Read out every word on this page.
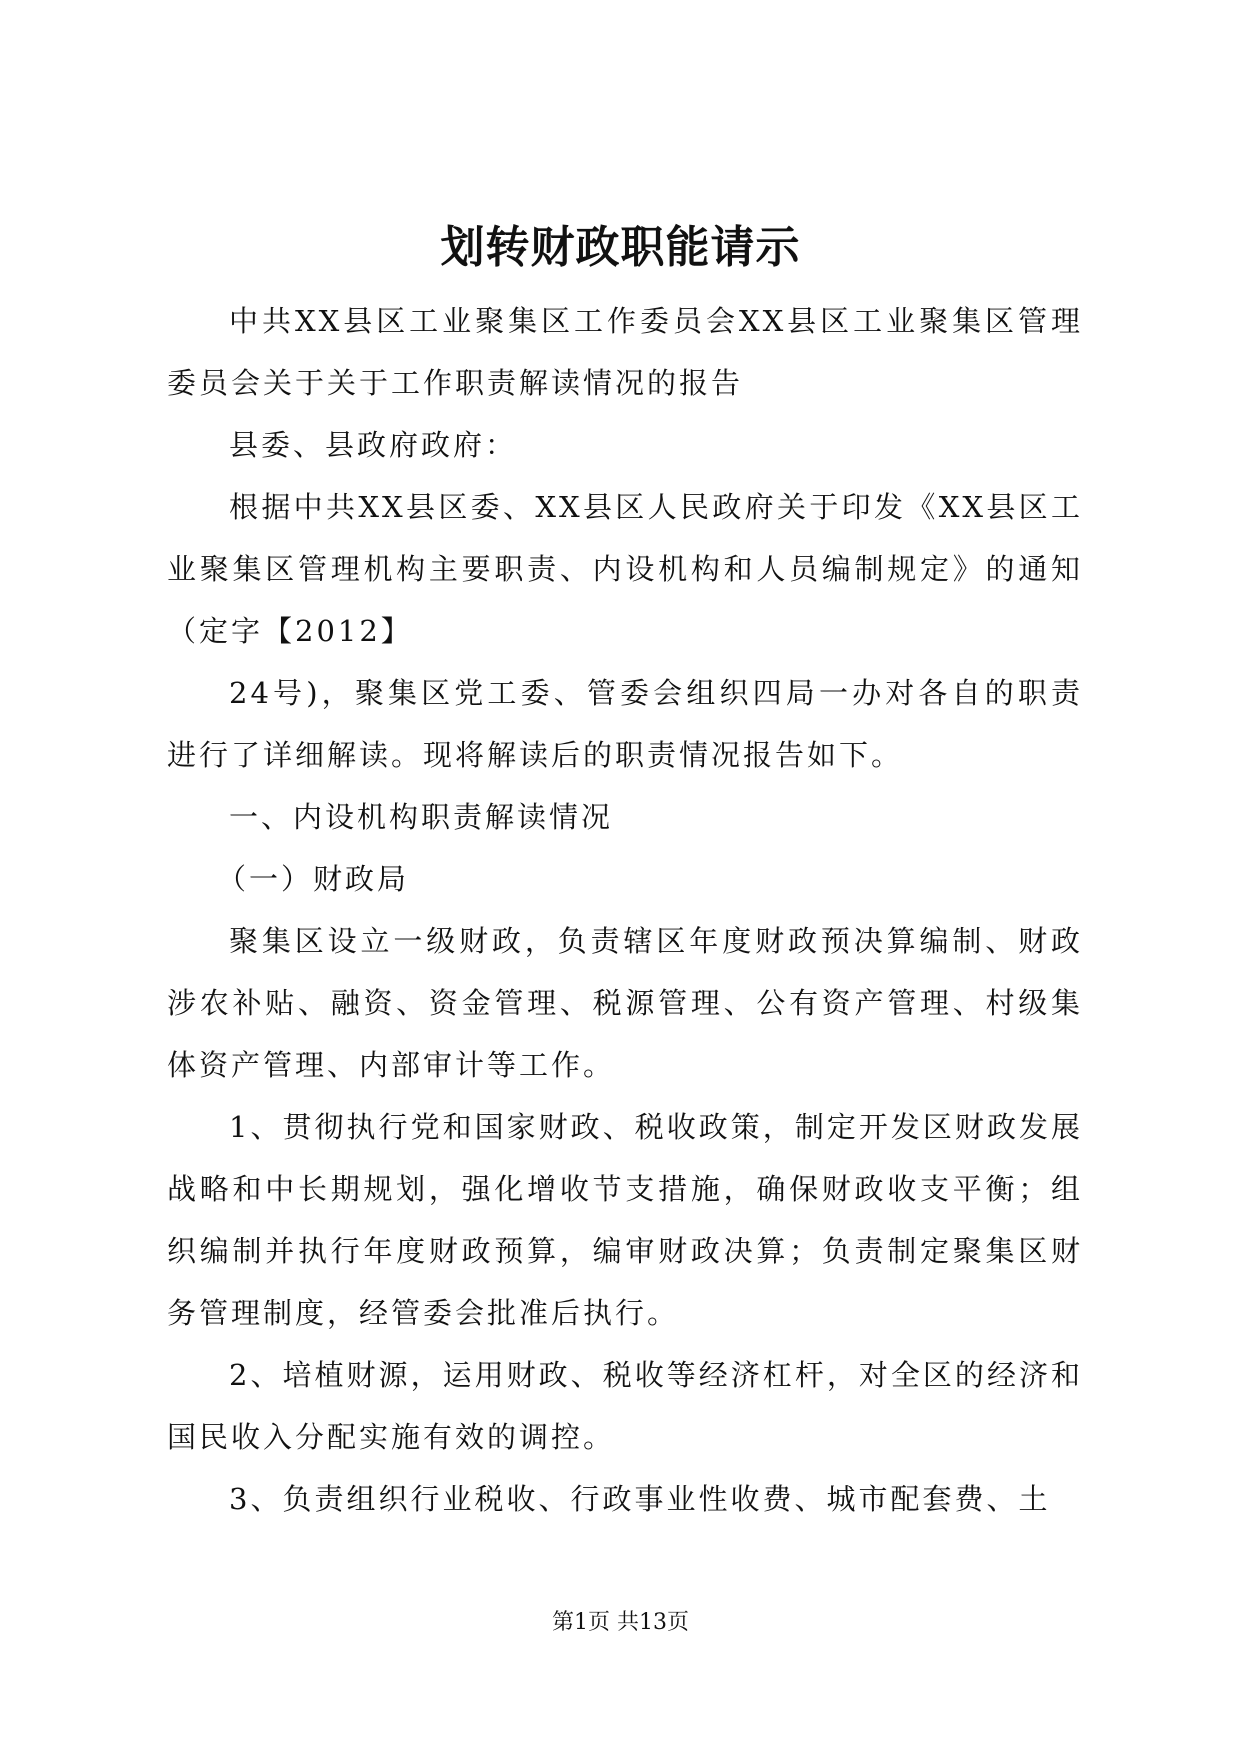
划转财政职能请示

中共XX县区工业聚集区工作委员会XX县区工业聚集区管理委员会关于关于工作职责解读情况的报告

县委、县政府政府：

根据中共XX县区委、XX县区人民政府关于印发《XX县区工业聚集区管理机构主要职责、内设机构和人员编制规定》的通知（定字【2012】

24号)，聚集区党工委、管委会组织四局一办对各自的职责进行了详细解读。现将解读后的职责情况报告如下。

一、内设机构职责解读情况

（一）财政局

聚集区设立一级财政，负责辖区年度财政预决算编制、财政涉农补贴、融资、资金管理、税源管理、公有资产管理、村级集体资产管理、内部审计等工作。

1、贯彻执行党和国家财政、税收政策，制定开发区财政发展战略和中长期规划，强化增收节支措施，确保财政收支平衡；组织编制并执行年度财政预算，编审财政决算；负责制定聚集区财务管理制度，经管委会批准后执行。

2、培植财源，运用财政、税收等经济杠杆，对全区的经济和国民收入分配实施有效的调控。

3、负责组织行业税收、行政事业性收费、城市配套费、土

第1页 共13页
